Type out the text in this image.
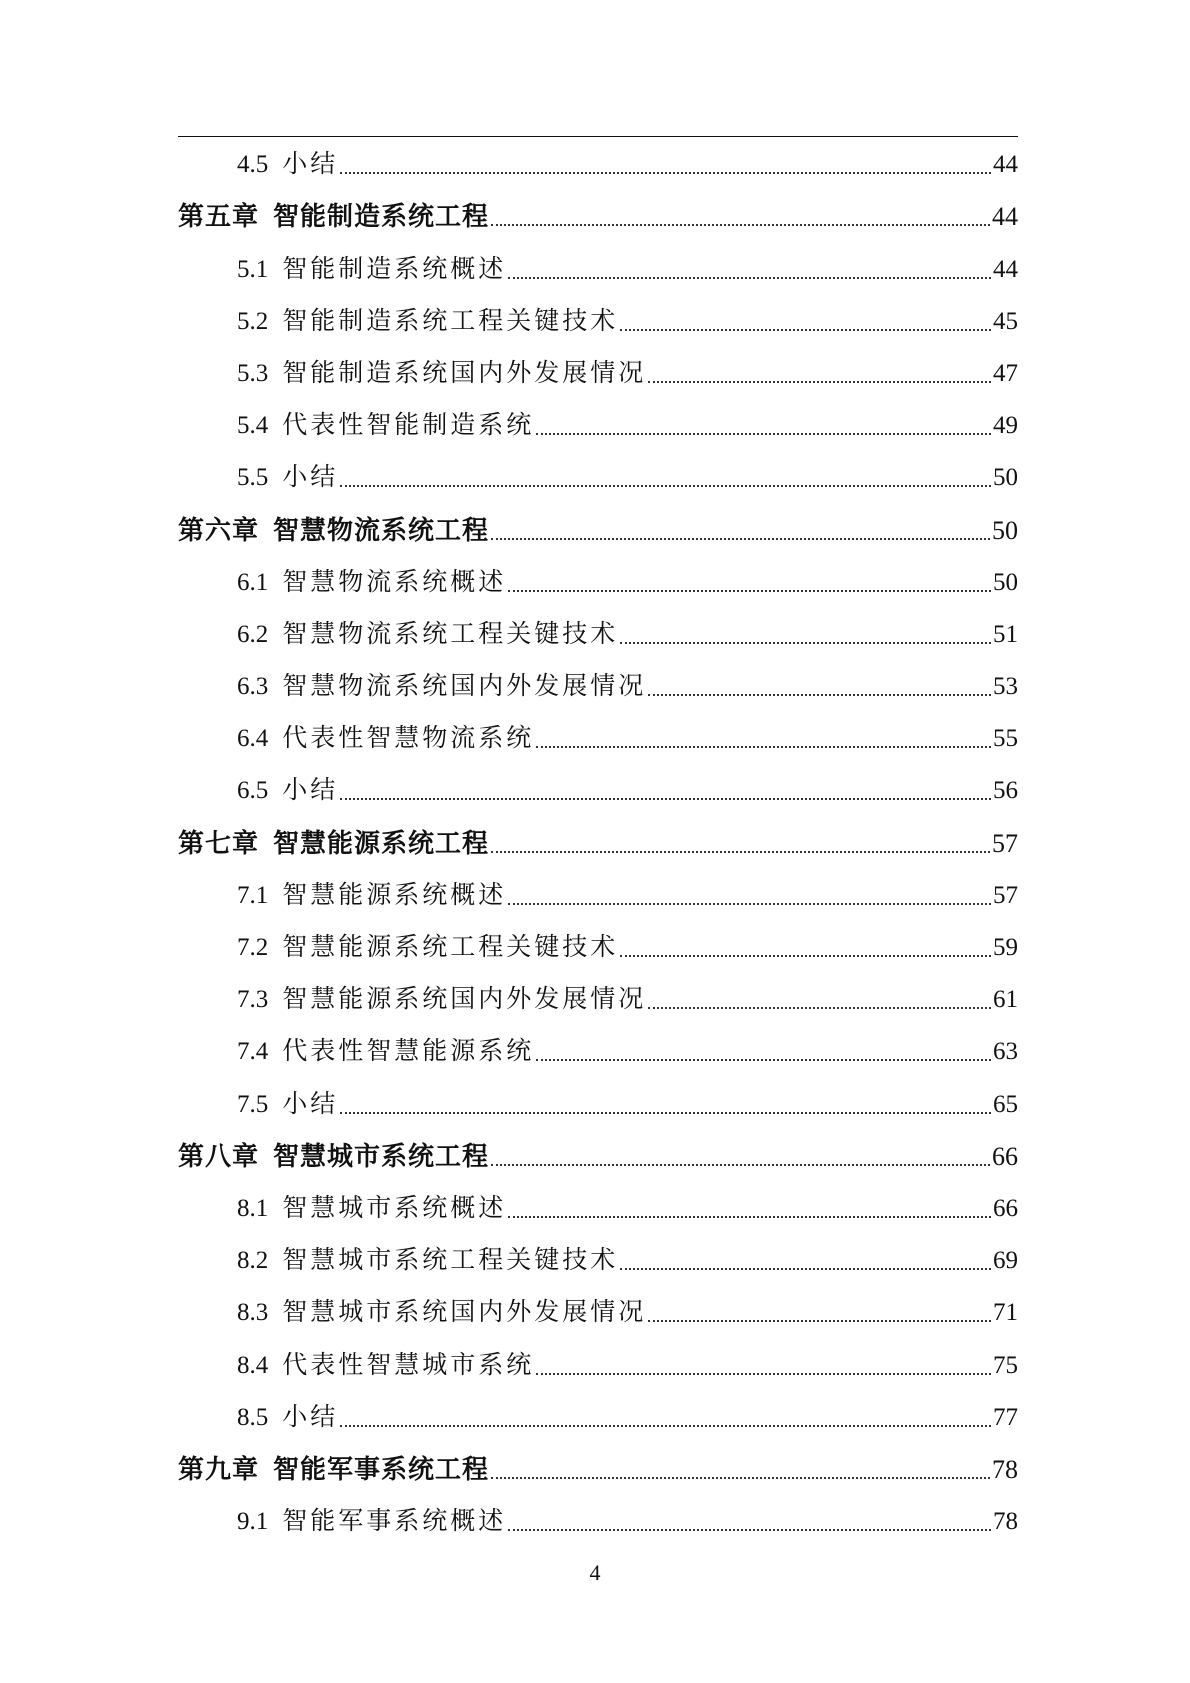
4.5 小结	44
第五章 智能制造系统工程	44
5.1 智能制造系统概述	44
5.2 智能制造系统工程关键技术	45
5.3 智能制造系统国内外发展情况	47
5.4 代表性智能制造系统	49
5.5 小结	50
第六章 智慧物流系统工程	50
6.1 智慧物流系统概述	50
6.2 智慧物流系统工程关键技术	51
6.3 智慧物流系统国内外发展情况	53
6.4 代表性智慧物流系统	55
6.5 小结	56
第七章 智慧能源系统工程	57
7.1 智慧能源系统概述	57
7.2 智慧能源系统工程关键技术	59
7.3 智慧能源系统国内外发展情况	61
7.4 代表性智慧能源系统	63
7.5 小结	65
第八章 智慧城市系统工程	66
8.1 智慧城市系统概述	66
8.2 智慧城市系统工程关键技术	69
8.3 智慧城市系统国内外发展情况	71
8.4 代表性智慧城市系统	75
8.5 小结	77
第九章 智能军事系统工程	78
9.1 智能军事系统概述	78
4
